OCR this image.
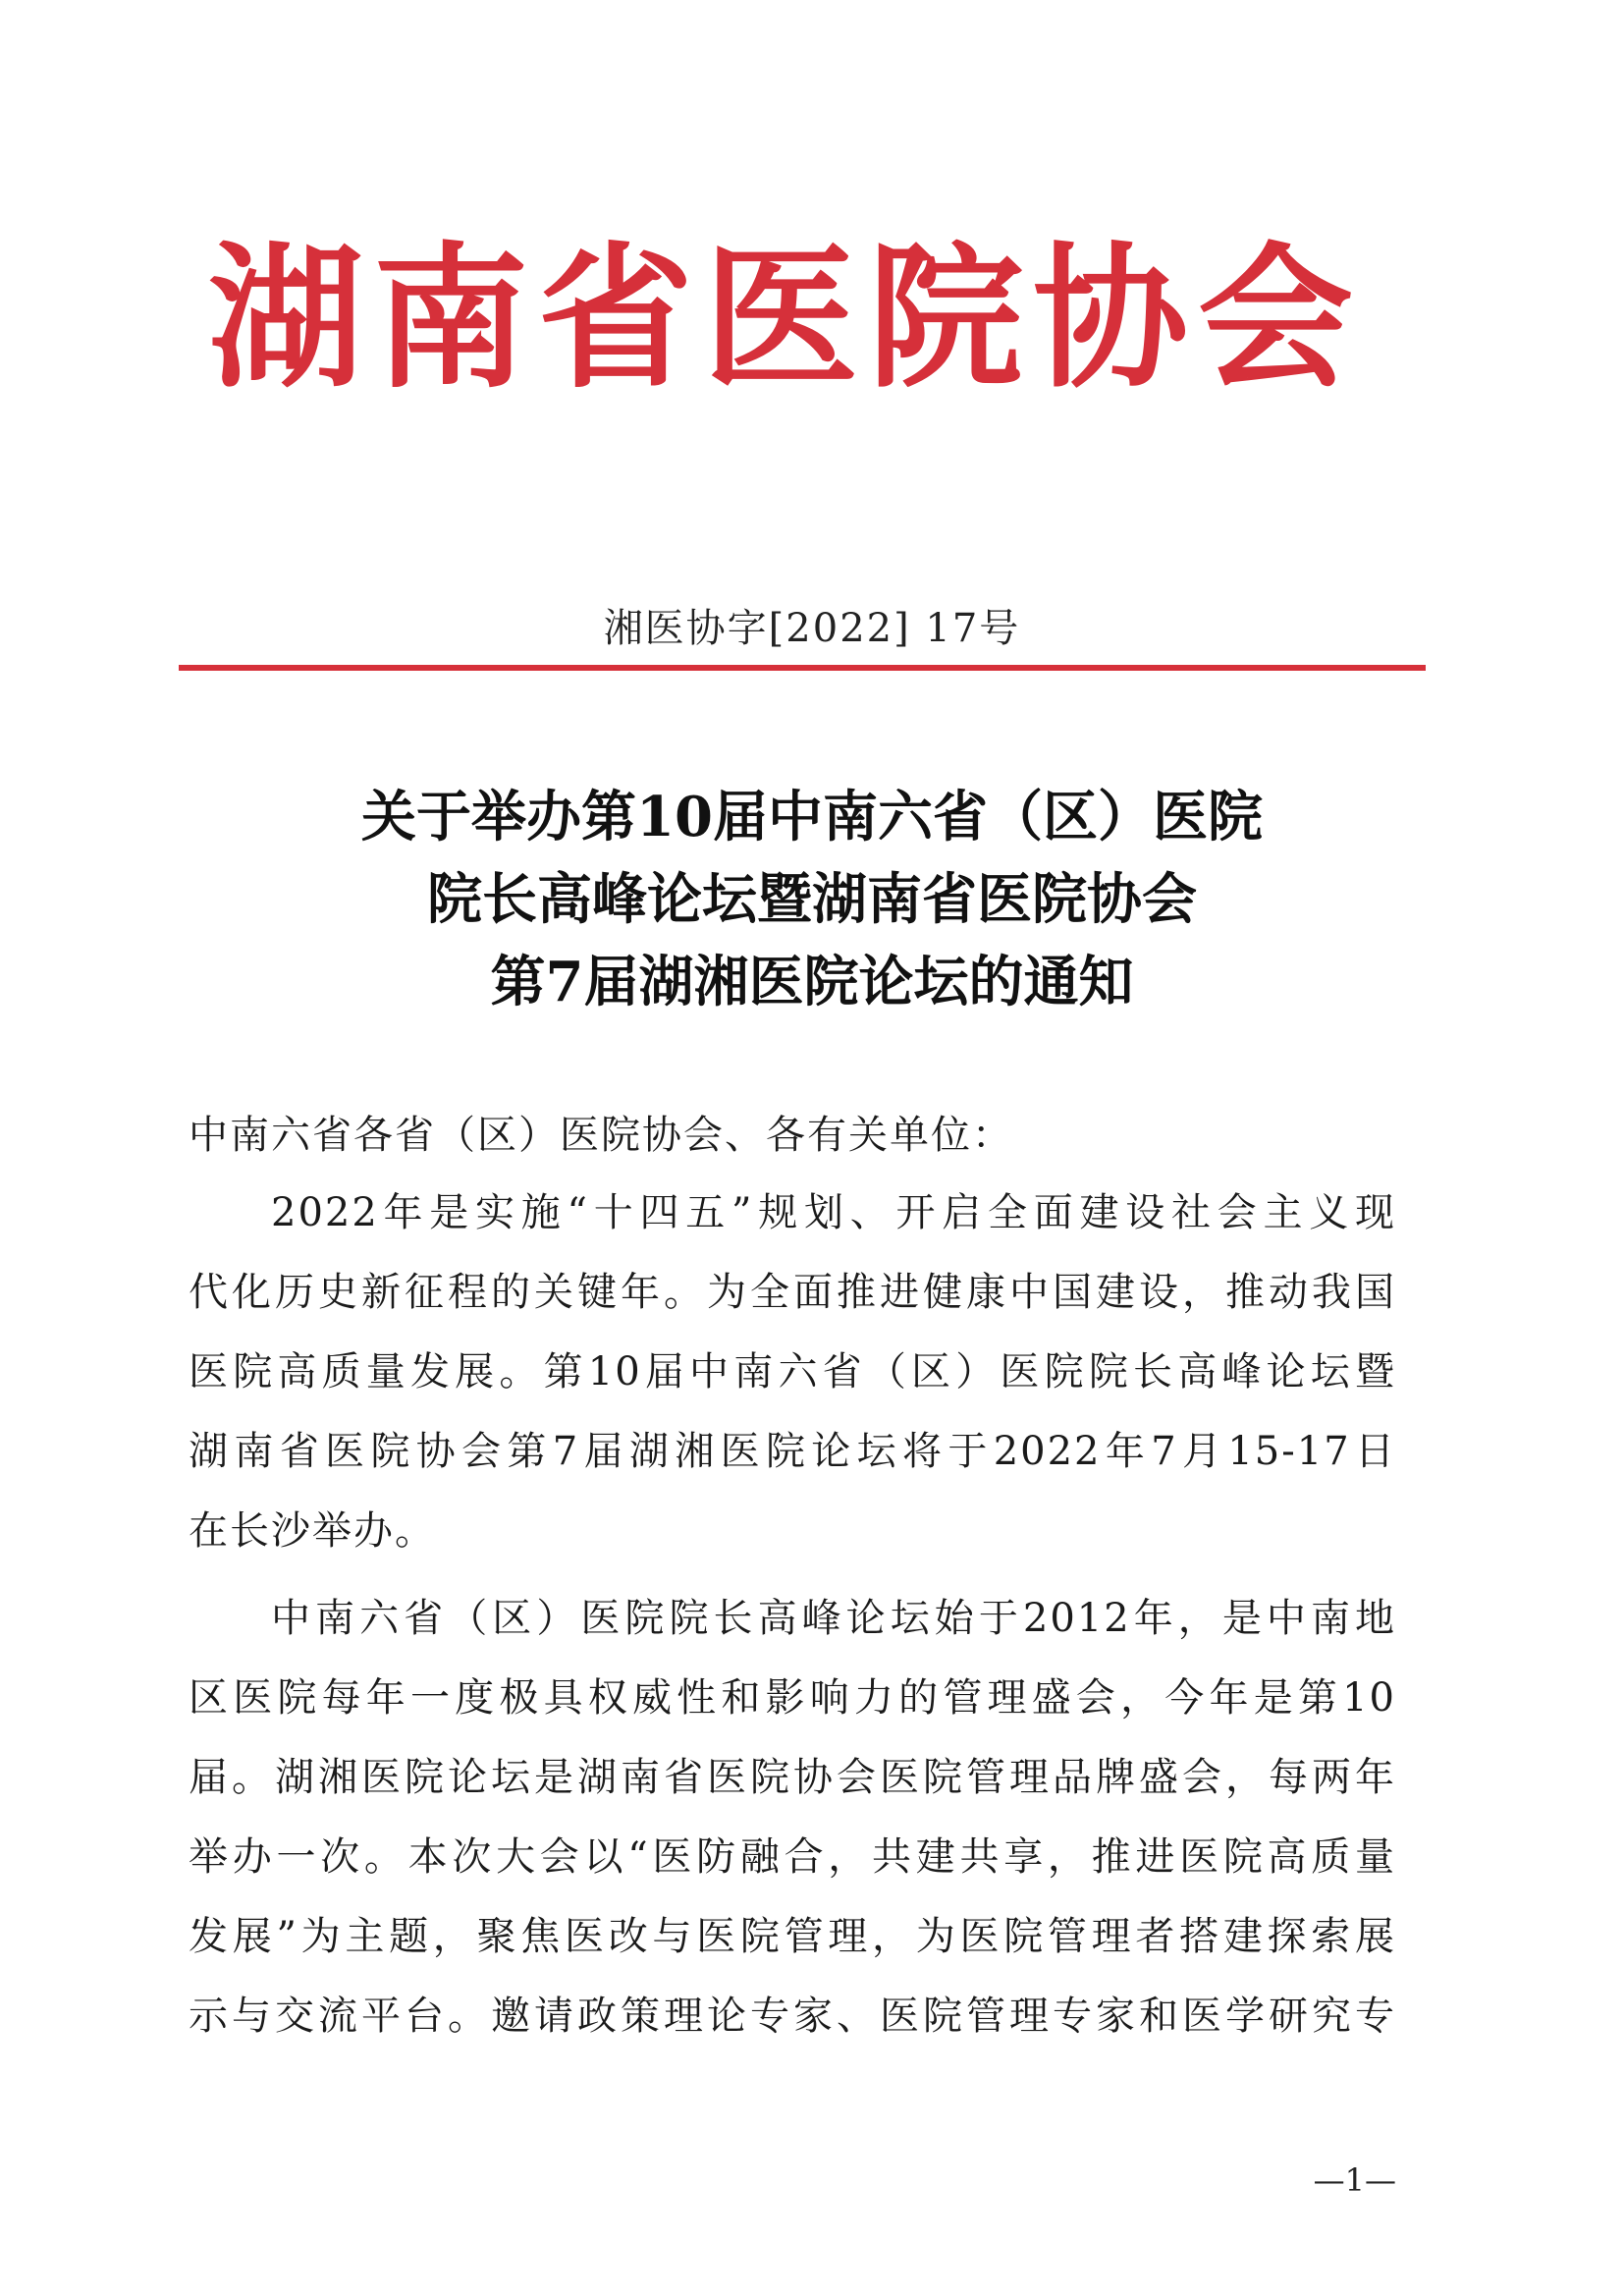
湖南省医院协会
湘医协字[2022] 17号
关于举办第10届中南六省（区）医院
院长高峰论坛暨湖南省医院协会
第7届湖湘医院论坛的通知
中南六省各省（区）医院协会、各有关单位：
2022年是实施“十四五”规划、开启全面建设社会主义现
代化历史新征程的关键年。为全面推进健康中国建设，推动我国
医院高质量发展。第10届中南六省（区）医院院长高峰论坛暨
湖南省医院协会第7届湖湘医院论坛将于2022年7月15-17日
在长沙举办。
中南六省（区）医院院长高峰论坛始于2012年，是中南地
区医院每年一度极具权威性和影响力的管理盛会，今年是第10
届。湖湘医院论坛是湖南省医院协会医院管理品牌盛会，每两年
举办一次。本次大会以“医防融合，共建共享，推进医院高质量
发展”为主题，聚焦医改与医院管理，为医院管理者搭建探索展
示与交流平台。邀请政策理论专家、医院管理专家和医学研究专
—1—
